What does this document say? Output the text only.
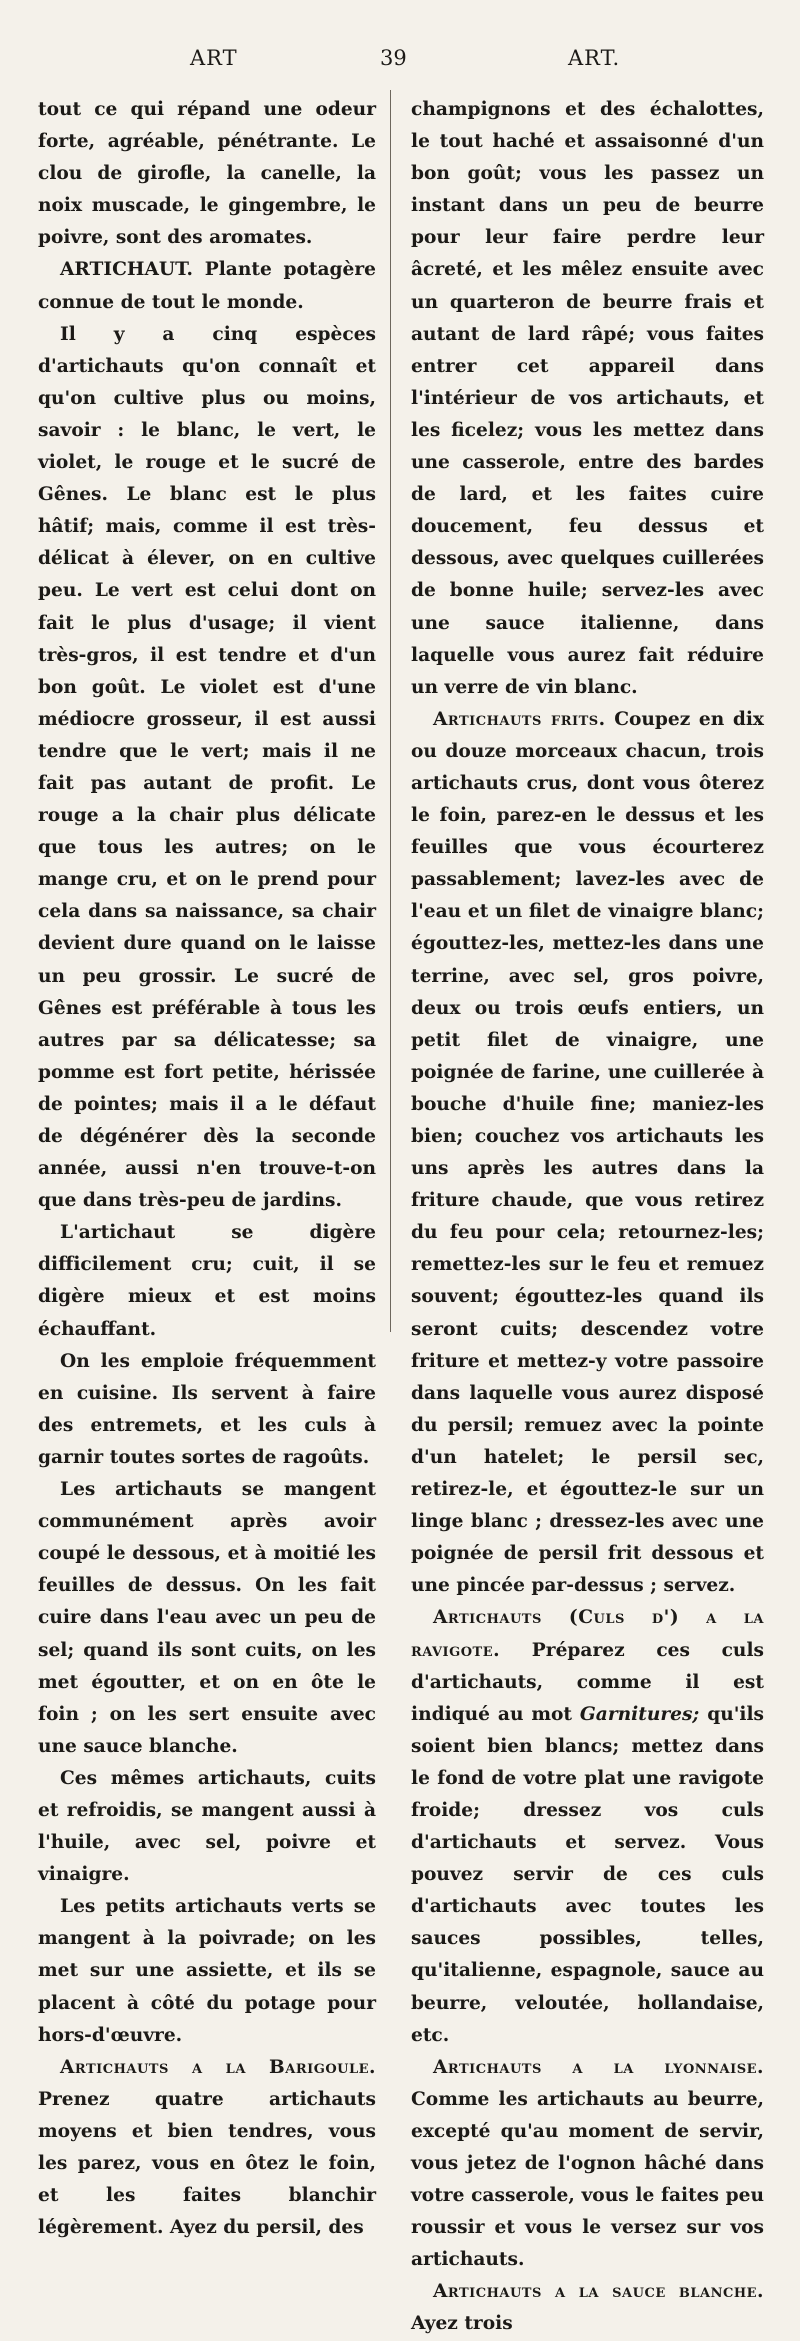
ART	39	ART.

tout ce qui répand une odeur forte, agréable, pénétrante. Le clou de girofle, la canelle, la noix muscade, le gingembre, le poivre, sont des aromates.

ARTICHAUT. Plante potagère connue de tout le monde.

Il y a cinq espèces d'artichauts qu'on connaît et qu'on cultive plus ou moins, savoir : le blanc, le vert, le violet, le rouge et le sucré de Gênes. Le blanc est le plus hâtif; mais, comme il est très-délicat à élever, on en cultive peu. Le vert est celui dont on fait le plus d'usage; il vient très-gros, il est tendre et d'un bon goût. Le violet est d'une médiocre grosseur, il est aussi tendre que le vert; mais il ne fait pas autant de profit. Le rouge a la chair plus délicate que tous les autres; on le mange cru, et on le prend pour cela dans sa naissance, sa chair devient dure quand on le laisse un peu grossir. Le sucré de Gênes est préférable à tous les autres par sa délicatesse; sa pomme est fort petite, hérissée de pointes; mais il a le défaut de dégénérer dès la seconde année, aussi n'en trouve-t-on que dans très-peu de jardins.

L'artichaut se digère difficilement cru; cuit, il se digère mieux et est moins échauffant.

On les emploie fréquemment en cuisine. Ils servent à faire des entremets, et les culs à garnir toutes sortes de ragoûts.

Les artichauts se mangent communément après avoir coupé le dessous, et à moitié les feuilles de dessus. On les fait cuire dans l'eau avec un peu de sel; quand ils sont cuits, on les met égoutter, et on en ôte le foin ; on les sert ensuite avec une sauce blanche.

Ces mêmes artichauts, cuits et refroidis, se mangent aussi à l'huile, avec sel, poivre et vinaigre.

Les petits artichauts verts se mangent à la poivrade; on les met sur une assiette, et ils se placent à côté du potage pour hors-d'œuvre.

Artichauts a la Barigoule. Prenez quatre artichauts moyens et bien tendres, vous les parez, vous en ôtez le foin, et les faites blanchir légèrement. Ayez du persil, des

champignons et des échalottes, le tout haché et assaisonné d'un bon goût; vous les passez un instant dans un peu de beurre pour leur faire perdre leur âcreté, et les mêlez ensuite avec un quarteron de beurre frais et autant de lard râpé; vous faites entrer cet appareil dans l'intérieur de vos artichauts, et les ficelez; vous les mettez dans une casserole, entre des bardes de lard, et les faites cuire doucement, feu dessus et dessous, avec quelques cuillerées de bonne huile; servez-les avec une sauce italienne, dans laquelle vous aurez fait réduire un verre de vin blanc.

Artichauts frits. Coupez en dix ou douze morceaux chacun, trois artichauts crus, dont vous ôterez le foin, parez-en le dessus et les feuilles que vous écourterez passablement; lavez-les avec de l'eau et un filet de vinaigre blanc; égouttez-les, mettez-les dans une terrine, avec sel, gros poivre, deux ou trois œufs entiers, un petit filet de vinaigre, une poignée de farine, une cuillerée à bouche d'huile fine; maniez-les bien; couchez vos artichauts les uns après les autres dans la friture chaude, que vous retirez du feu pour cela; retournez-les; remettez-les sur le feu et remuez souvent; égouttez-les quand ils seront cuits; descendez votre friture et mettez-y votre passoire dans laquelle vous aurez disposé du persil; remuez avec la pointe d'un hatelet; le persil sec, retirez-le, et égouttez-le sur un linge blanc ; dressez-les avec une poignée de persil frit dessous et une pincée par-dessus ; servez.

Artichauts (Culs d') a la ravigote. Préparez ces culs d'artichauts, comme il est indiqué au mot Garnitures; qu'ils soient bien blancs; mettez dans le fond de votre plat une ravigote froide; dressez vos culs d'artichauts et servez. Vous pouvez servir de ces culs d'artichauts avec toutes les sauces possibles, telles, qu'italienne, espagnole, sauce au beurre, veloutée, hollandaise, etc.

Artichauts a la lyonnaise. Comme les artichauts au beurre, excepté qu'au moment de servir, vous jetez de l'ognon hâché dans votre casserole, vous le faites peu roussir et vous le versez sur vos artichauts.

Artichauts a la sauce blanche. Ayez trois
